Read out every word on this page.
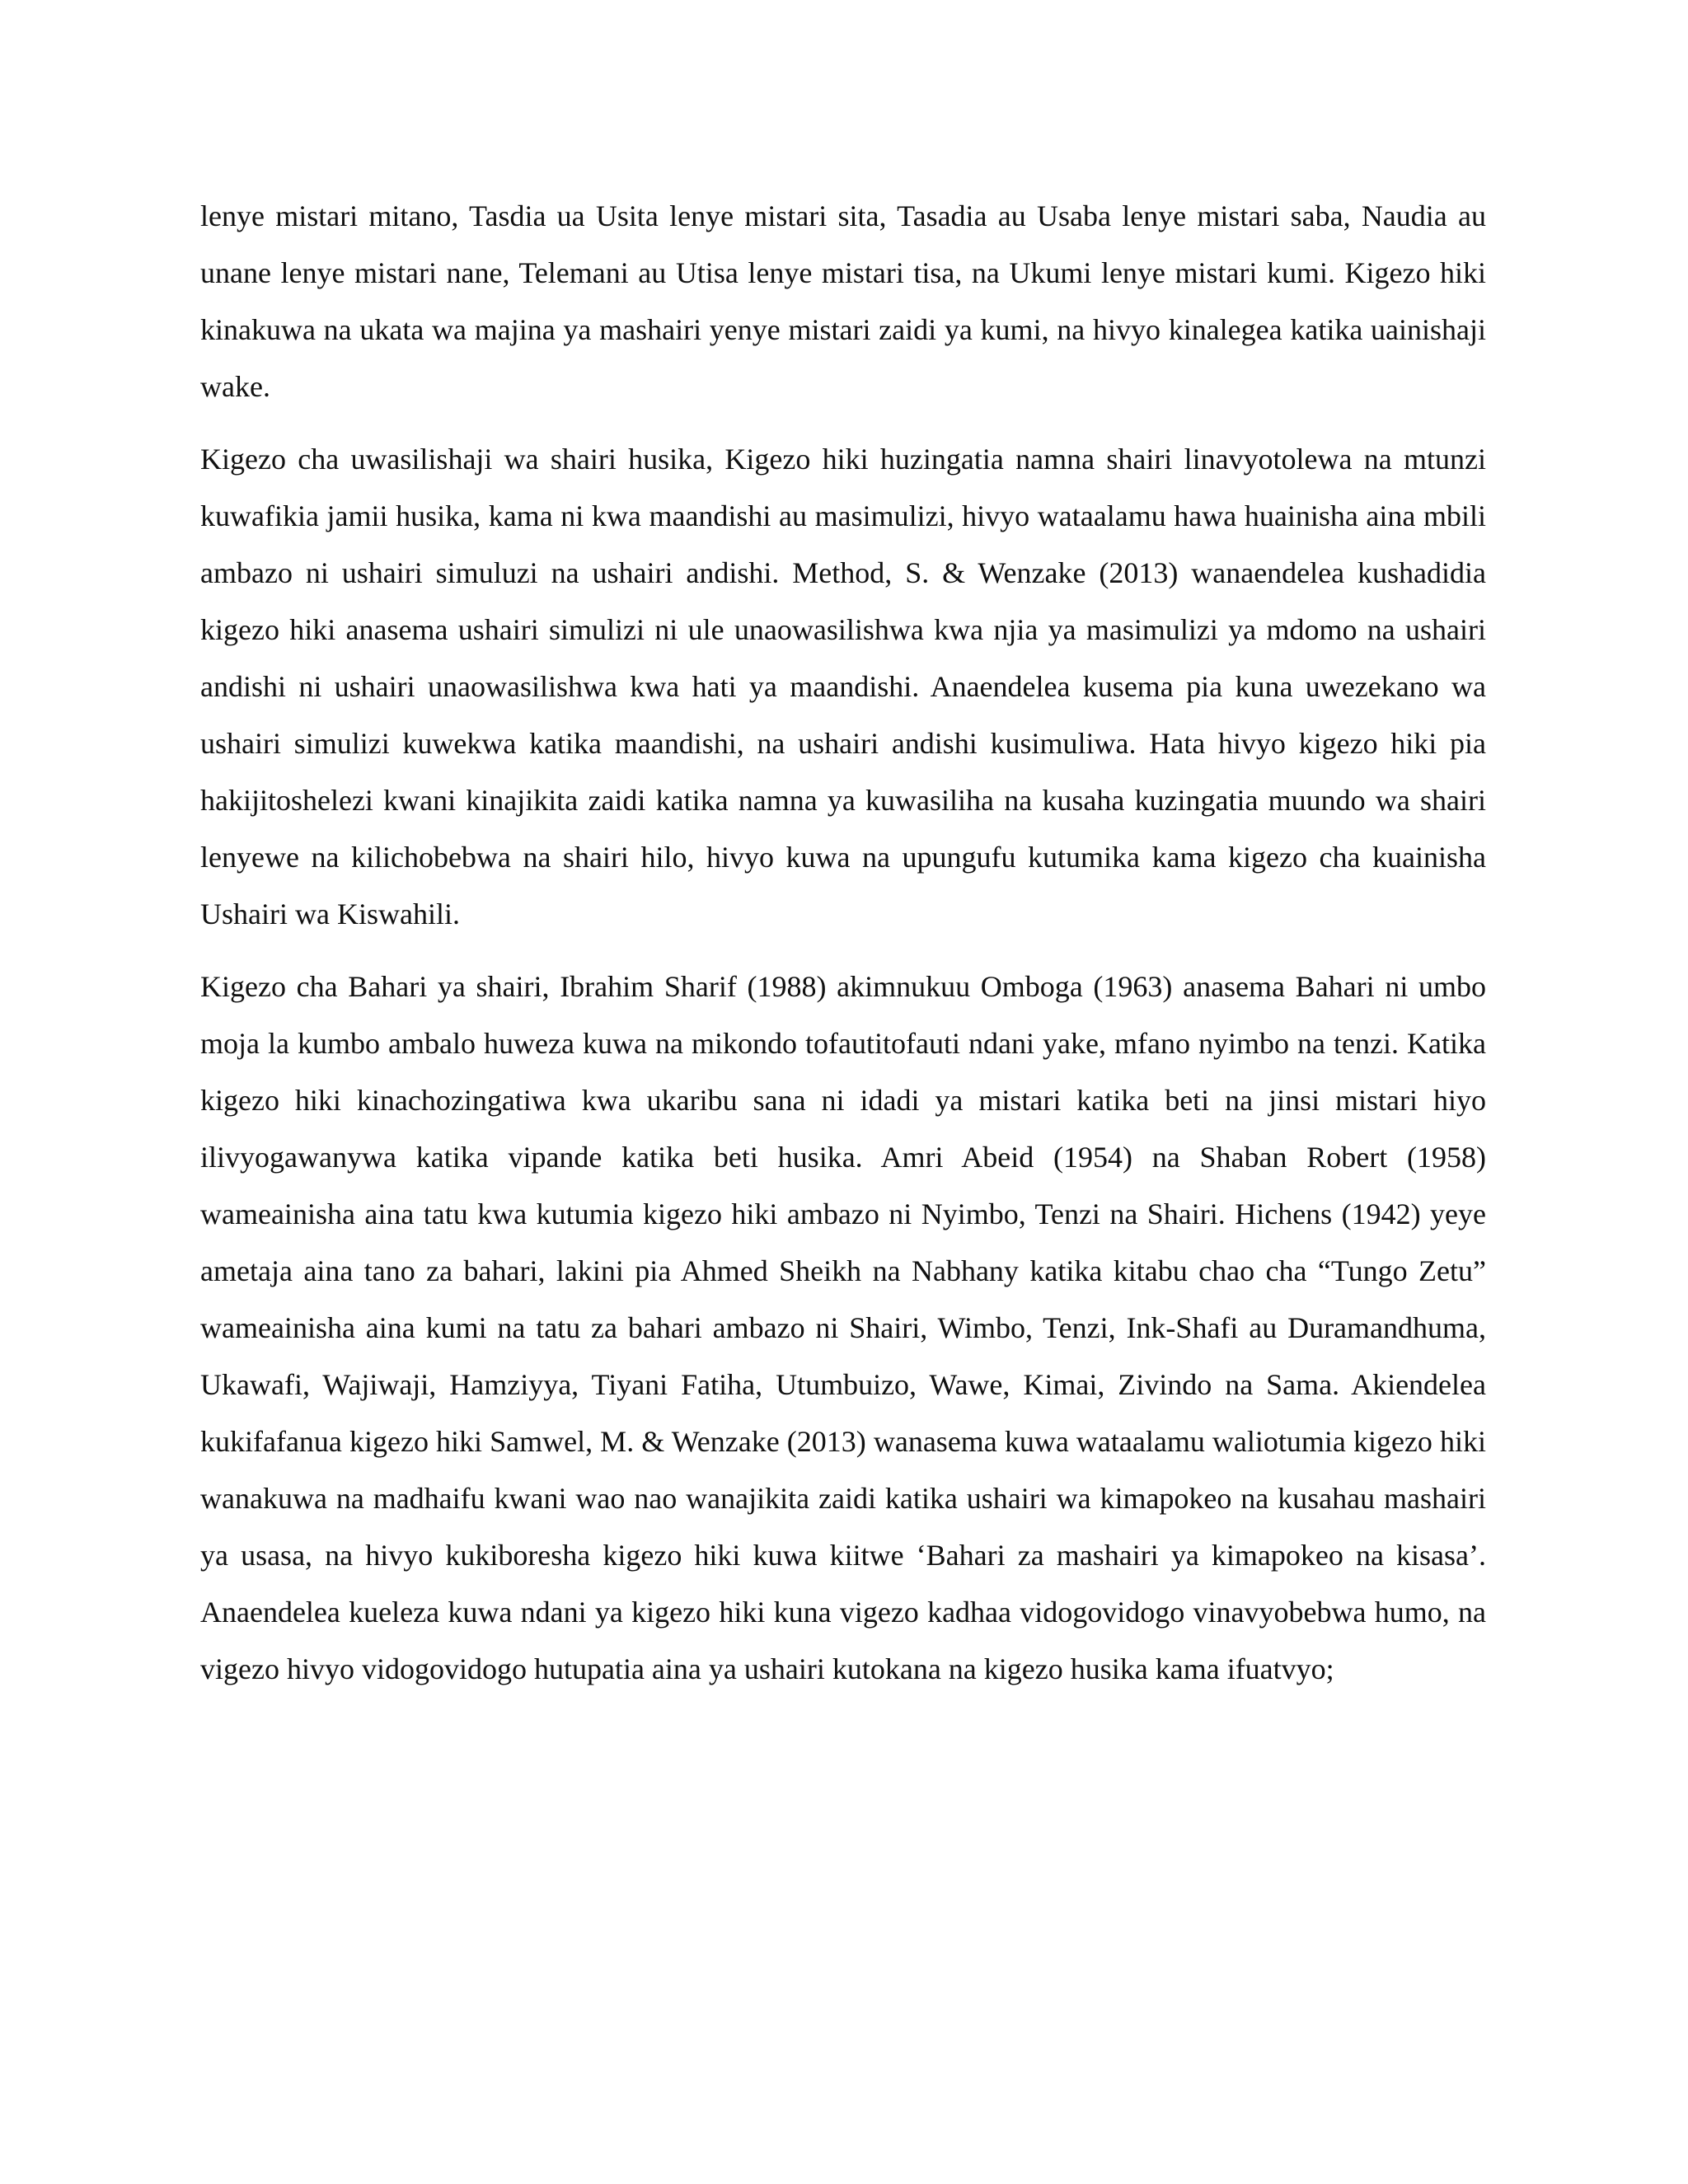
lenye mistari mitano, Tasdia ua Usita lenye mistari sita, Tasadia au Usaba lenye mistari saba, Naudia au unane lenye mistari nane, Telemani au Utisa lenye mistari tisa, na Ukumi lenye mistari kumi. Kigezo hiki kinakuwa na ukata wa majina ya mashairi yenye mistari zaidi ya kumi, na hivyo kinalegea katika uainishaji wake.

Kigezo cha uwasilishaji wa shairi husika, Kigezo hiki huzingatia namna shairi linavyotolewa na mtunzi kuwafikia jamii husika, kama ni kwa maandishi au masimulizi, hivyo wataalamu hawa huainisha aina mbili ambazo ni ushairi simuluzi na ushairi andishi. Method, S. & Wenzake (2013) wanaendelea kushadidia kigezo hiki anasema ushairi simulizi ni ule unaowasilishwa kwa njia ya masimulizi ya mdomo na ushairi andishi ni ushairi unaowasilishwa kwa hati ya maandishi. Anaendelea kusema pia kuna uwezekano wa ushairi simulizi kuwekwa katika maandishi, na ushairi andishi kusimuliwa. Hata hivyo kigezo hiki pia hakijitoshelezi kwani kinajikita zaidi katika namna ya kuwasiliha na kusaha kuzingatia muundo wa shairi lenyewe na kilichobebwa na shairi hilo, hivyo kuwa na upungufu kutumika kama kigezo cha kuainisha Ushairi wa Kiswahili.

Kigezo cha Bahari ya shairi, Ibrahim Sharif (1988) akimnukuu Omboga (1963) anasema Bahari ni umbo moja la kumbo ambalo huweza kuwa na mikondo tofautitofauti ndani yake, mfano nyimbo na tenzi. Katika kigezo hiki kinachozingatiwa kwa ukaribu sana ni idadi ya mistari katika beti na jinsi mistari hiyo ilivyogawanywa katika vipande katika beti husika. Amri Abeid (1954) na Shaban Robert (1958) wameainisha aina tatu kwa kutumia kigezo hiki ambazo ni Nyimbo, Tenzi na Shairi. Hichens (1942) yeye ametaja aina tano za bahari, lakini pia Ahmed Sheikh na Nabhany katika kitabu chao cha “Tungo Zetu” wameainisha aina kumi na tatu za bahari ambazo ni Shairi, Wimbo, Tenzi, Ink-Shafi au Duramandhuma, Ukawafi, Wajiwaji, Hamziyya, Tiyani Fatiha, Utumbuizo, Wawe, Kimai, Zivindo na Sama. Akiendelea kukifafanua kigezo hiki Samwel, M. & Wenzake (2013) wanasema kuwa wataalamu waliotumia kigezo hiki wanakuwa na madhaifu kwani wao nao wanajikita zaidi katika ushairi wa kimapokeo na kusahau mashairi ya usasa, na hivyo kukiboresha kigezo hiki kuwa kiitwe ‘Bahari za mashairi ya kimapokeo na kisasa’. Anaendelea kueleza kuwa ndani ya kigezo hiki kuna vigezo kadhaa vidogovidogo vinavyobebwa humo, na vigezo hivyo vidogovidogo hutupatia aina ya ushairi kutokana na kigezo husika kama ifuatvyo;
